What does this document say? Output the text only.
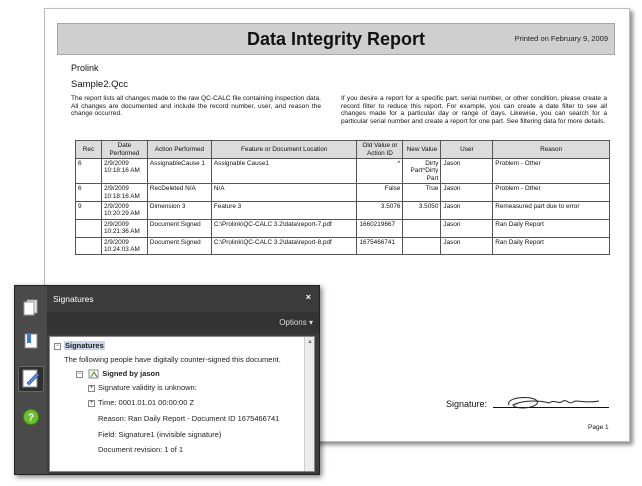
Data Integrity Report	Printed on February 9, 2009
Prolink
Sample2.Qcc
The report lists all changes made to the raw QC-CALC file containing inspection data. All changes are documented and include the record number, user, and reason the change occurred.
If you desire a report for a specific part, serial number, or other condition, please create a record filter to reduce this report. For example, you can create a date filter to see all changes made for a particular day or range of days. Likewise, you can search for a particular serial number and create a report for one part. See filtering data for more details.
Rec	Date Performed	Action Performed	Feature or Document Location	Old Value or Action ID	New Value	User	Reason
6	2/9/2009 10:18:16 AM	AssignableCause 1	Assignable Cause1	^	Dirty Part^Dirty Part	Jason	Problem - Other
6	2/9/2009 10:18:16 AM	RecDeleted N/A	N/A	False	True	Jason	Problem - Other
9	2/9/2009 10:20:29 AM	Dimension 3	Feature 3	3.5076	3.5050	Jason	Remeasured part due to error
	2/9/2009 10:21:36 AM	Document Signed	C:\Prolink\QC-CALC 3.2\data\report-7.pdf	1660219667		Jason	Ran Daily Report
	2/9/2009 10:24:03 AM	Document Signed	C:\Prolink\QC-CALC 3.2\data\report-8.pdf	1675466741		Jason	Ran Daily Report
Signature:
Page 1
?
Signatures	×
Options ▾
▲
− Signatures
The following people have digitally counter-signed this document.
−	Signed by jason
+ Signature validity is unknown:
+ Time: 0001.01.01 00:00:00 Z
Reason: Ran Daily Report - Document ID 1675466741
Field: Signature1 (invisible signature)
Document revision: 1 of 1
